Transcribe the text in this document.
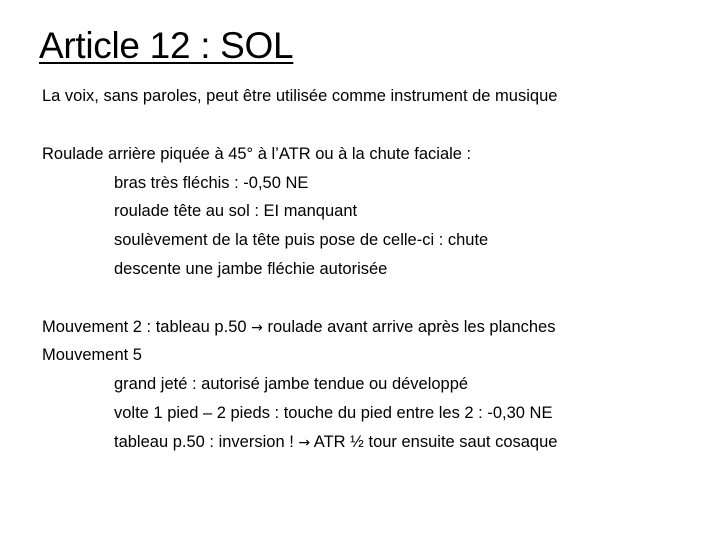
Article 12 : SOL
La voix, sans paroles, peut être utilisée comme instrument de musique
Roulade arrière piquée à 45° à l’ATR ou à la chute faciale :
bras très fléchis : -0,50 NE
roulade tête au sol : EI manquant
soulèvement de la tête puis pose de celle-ci : chute
descente une jambe fléchie autorisée
Mouvement 2 : tableau p.50 → roulade avant arrive après les planches
Mouvement 5
grand jeté : autorisé jambe tendue ou développé
volte 1 pied – 2 pieds : touche du pied entre les 2 : -0,30 NE
tableau p.50 : inversion ! → ATR ½ tour ensuite saut cosaque
